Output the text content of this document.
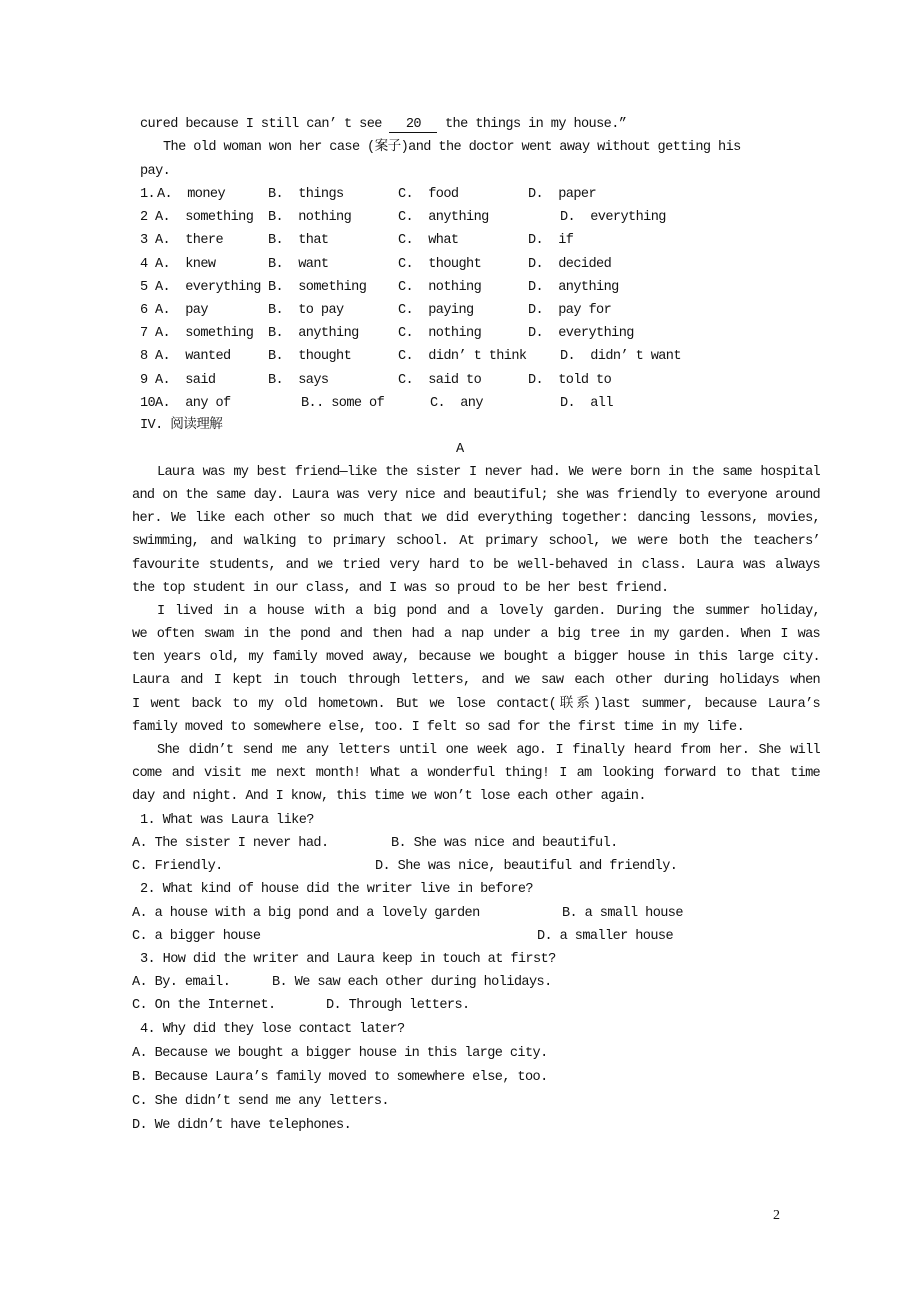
cured because I still can’ t see 20 the things in my house.”
The old woman won her case (案子)and the doctor went away without getting his
pay.
1. A.  money	B.  things	C.  food	D.  paper
2 A.  something B.  nothing	C.  anything	D.  everything
3 A.  there	B.  that	C.  what	D.  if
4 A.  knew	B.  want	C.  thought	D.  decided
5 A.  everything B.  something C.  nothing	D.  anything
6 A.  pay	B.  to pay	C.  paying	D.  pay for
7 A.  something B.  anything	C.  nothing	D.  everything
8 A.  wanted	B.  thought	C.  didn’ t think D.  didn’ t want
9 A.  said	B.  says	C.  said to	D.  told to
10 A.  any of	B.. some of	C.  any	D.  all
IV. 阅读理解
A
Laura was my best friend—like the sister I never had. We were born in the same hospital
and on the same day. Laura was very nice and beautiful; she was friendly to everyone around
her. We like each other so much that we did everything together: dancing lessons, movies,
swimming, and walking to primary school. At primary school, we were both the teachers’
favourite students, and we tried very hard to be well-behaved in class. Laura was always
the top student in our class, and I was so proud to be her best friend.
I lived in a house with a big pond and a lovely garden. During the summer holiday,
we often swam in the pond and then had a nap under a big tree in my garden. When I was
ten years old, my family moved away, because we bought a bigger house in this large city.
Laura and I kept in touch through letters, and we saw each other during holidays when
I went back to my old hometown. But we lose contact(联系)last summer, because Laura’s
family moved to somewhere else, too. I felt so sad for the first time in my life.
She didn’t send me any letters until one week ago. I finally heard from her. She will
come and visit me next month! What a wonderful thing! I am looking forward to that time
day and night. And I know, this time we won’t lose each other again.
1. What was Laura like?
A. The sister I never had.	B. She was nice and beautiful.
C. Friendly.	D. She was nice, beautiful and friendly.
2. What kind of house did the writer live in before?
A. a house with a big pond and a lovely garden	B. a small house
C. a bigger house	D. a smaller house
3. How did the writer and Laura keep in touch at first?
A. By. email.	B. We saw each other during holidays.
C. On the Internet.	D. Through letters.
4. Why did they lose contact later?
A. Because we bought a bigger house in this large city.
B. Because Laura’s family moved to somewhere else, too.
C. She didn’t send me any letters.
D. We didn’t have telephones.
2
